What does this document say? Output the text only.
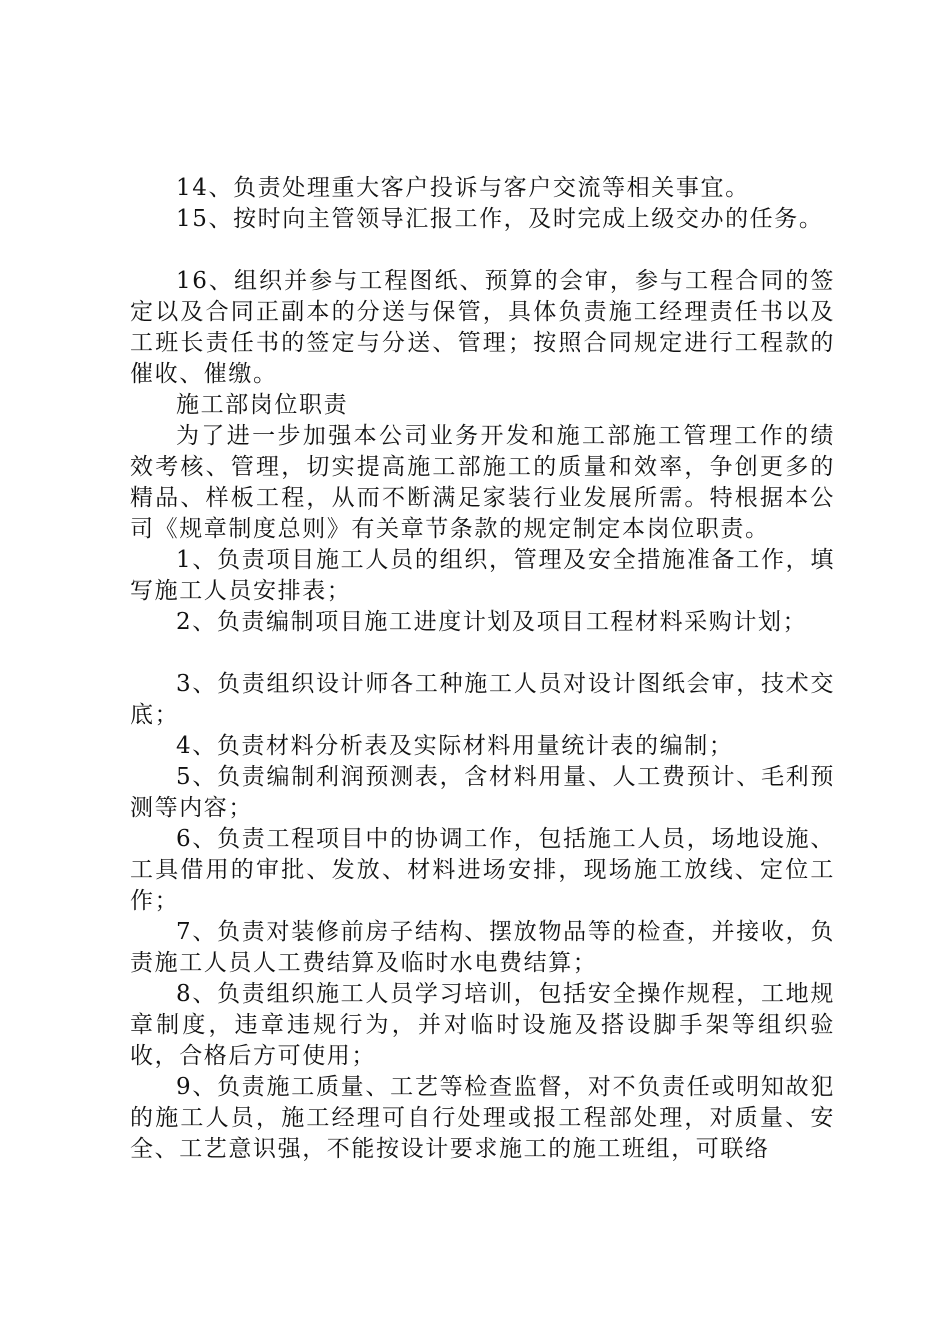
14、负责处理重大客户投诉与客户交流等相关事宜。

15、按时向主管领导汇报工作，及时完成上级交办的任务。

16、组织并参与工程图纸、预算的会审，参与工程合同的签定以及合同正副本的分送与保管，具体负责施工经理责任书以及工班长责任书的签定与分送、管理；按照合同规定进行工程款的催收、催缴。

施工部岗位职责

为了进一步加强本公司业务开发和施工部施工管理工作的绩效考核、管理，切实提高施工部施工的质量和效率，争创更多的精品、样板工程，从而不断满足家装行业发展所需。特根据本公司《规章制度总则》有关章节条款的规定制定本岗位职责。

1、负责项目施工人员的组织，管理及安全措施准备工作，填写施工人员安排表；

2、负责编制项目施工进度计划及项目工程材料采购计划；

3、负责组织设计师各工种施工人员对设计图纸会审，技术交底；

4、负责材料分析表及实际材料用量统计表的编制；

5、负责编制利润预测表，含材料用量、人工费预计、毛利预测等内容；

6、负责工程项目中的协调工作，包括施工人员，场地设施、工具借用的审批、发放、材料进场安排，现场施工放线、定位工作；

7、负责对装修前房子结构、摆放物品等的检查，并接收，负责施工人员人工费结算及临时水电费结算；

8、负责组织施工人员学习培训，包括安全操作规程，工地规章制度，违章违规行为，并对临时设施及搭设脚手架等组织验收，合格后方可使用；

9、负责施工质量、工艺等检查监督，对不负责任或明知故犯的施工人员，施工经理可自行处理或报工程部处理，对质量、安全、工艺意识强，不能按设计要求施工的施工班组，可联络
